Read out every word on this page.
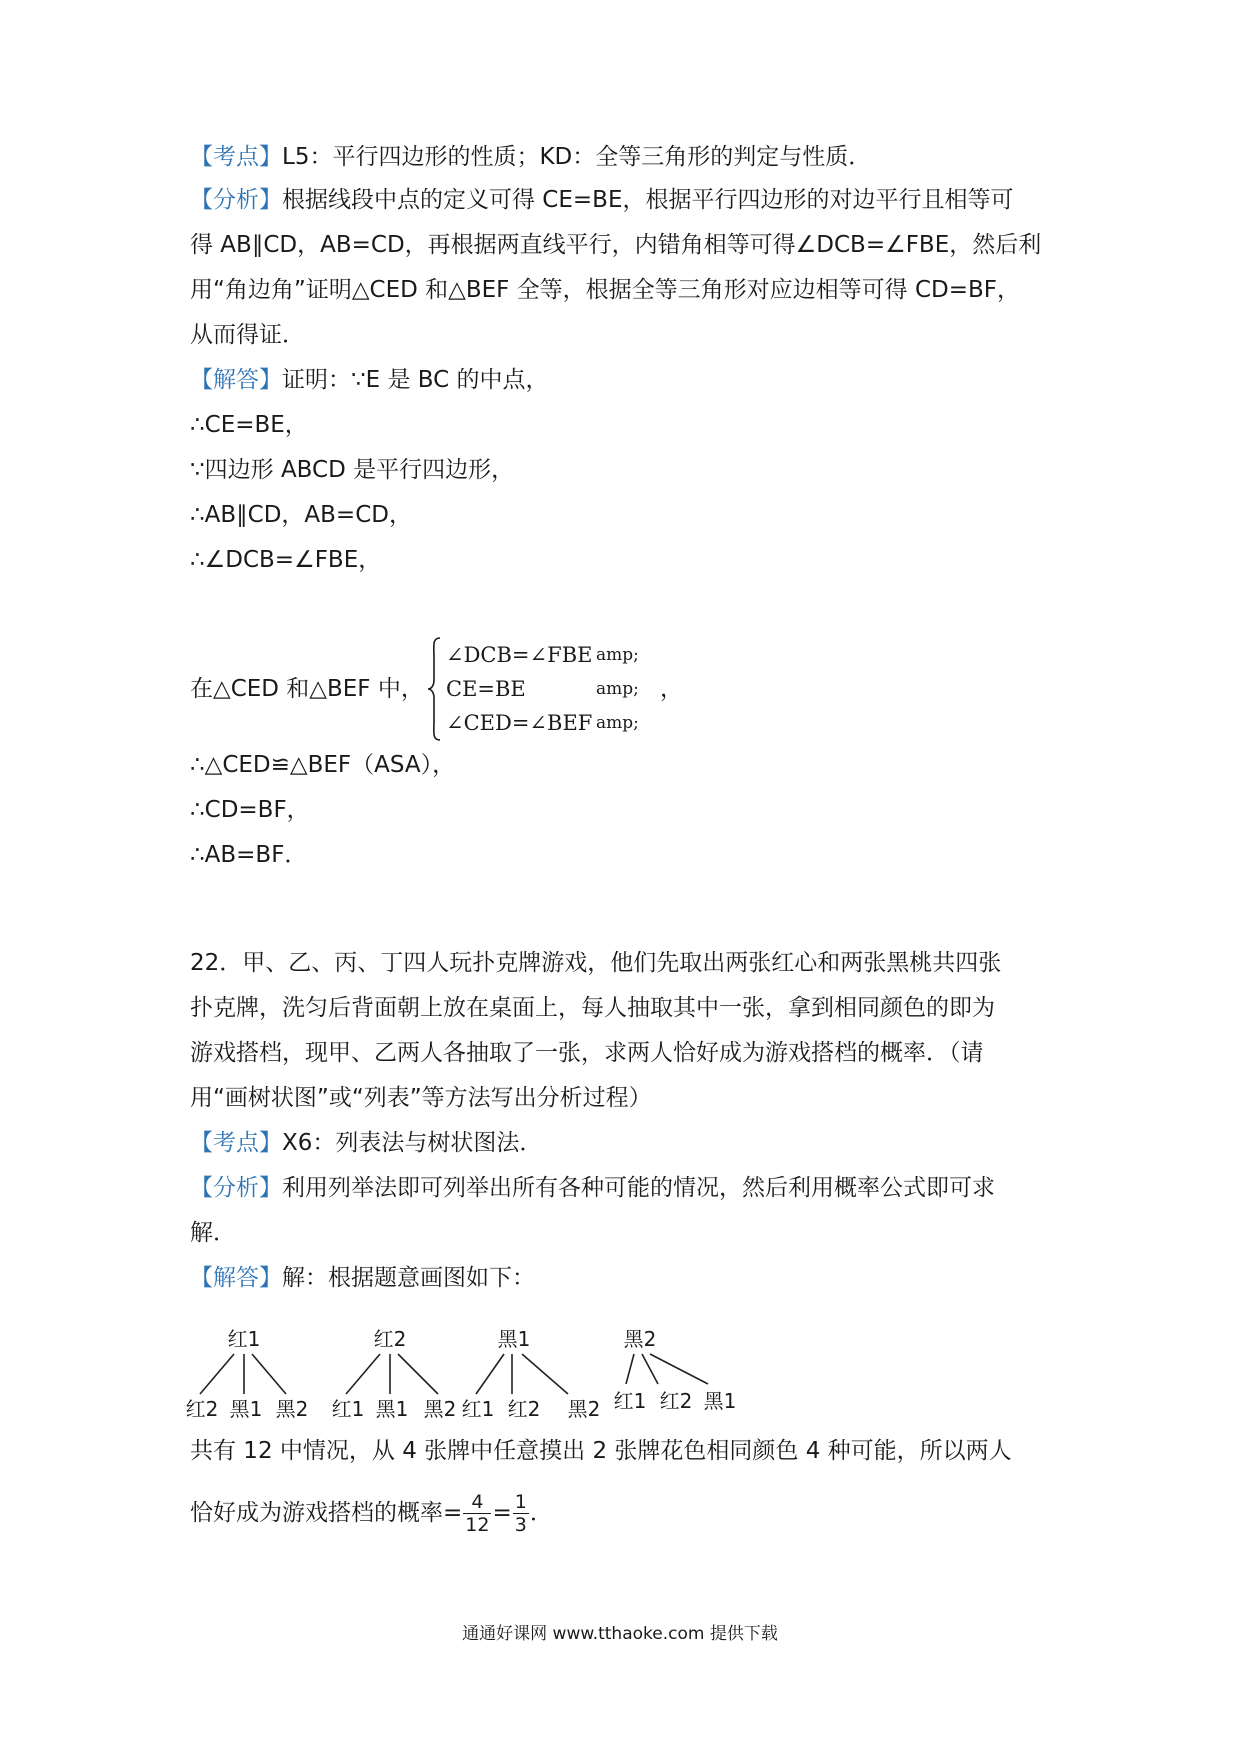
【考点】L5：平行四边形的性质；KD：全等三角形的判定与性质．
【分析】根据线段中点的定义可得 CE=BE，根据平行四边形的对边平行且相等可
得 AB∥CD，AB=CD，再根据两直线平行，内错角相等可得∠DCB=∠FBE，然后利
用“角边角”证明△CED 和△BEF 全等，根据全等三角形对应边相等可得 CD=BF，
从而得证．
【解答】证明：∵E 是 BC 的中点，
∴CE=BE，
∵四边形 ABCD 是平行四边形，
∴AB∥CD，AB=CD，
∴∠DCB=∠FBE，
在△CED 和△BEF 中，
∠DCB=∠FBE amp;
CE=BE	amp;
∠CED=∠BEF amp;
，
∴△CED≌△BEF（ASA），
∴CD=BF，
∴AB=BF．
22．甲、乙、丙、丁四人玩扑克牌游戏，他们先取出两张红心和两张黑桃共四张
扑克牌，洗匀后背面朝上放在桌面上，每人抽取其中一张，拿到相同颜色的即为
游戏搭档，现甲、乙两人各抽取了一张，求两人恰好成为游戏搭档的概率．（请
用“画树状图”或“列表”等方法写出分析过程）
【考点】X6：列表法与树状图法．
【分析】利用列举法即可列举出所有各种可能的情况，然后利用概率公式即可求
解．
【解答】解：根据题意画图如下：
红1
红2 黑1 黑2
红2
红1 黑1 黑2
黑1
红1 红2 黑2
黑2
红1 红2 黑1
共有 12 中情况，从 4 张牌中任意摸出 2 张牌花色相同颜色 4 种可能，所以两人
恰好成为游戏搭档的概率= $\frac{4}{12} = \frac{1}{3}$ ．
通通好课网 www.tthaoke.com 提供下载
